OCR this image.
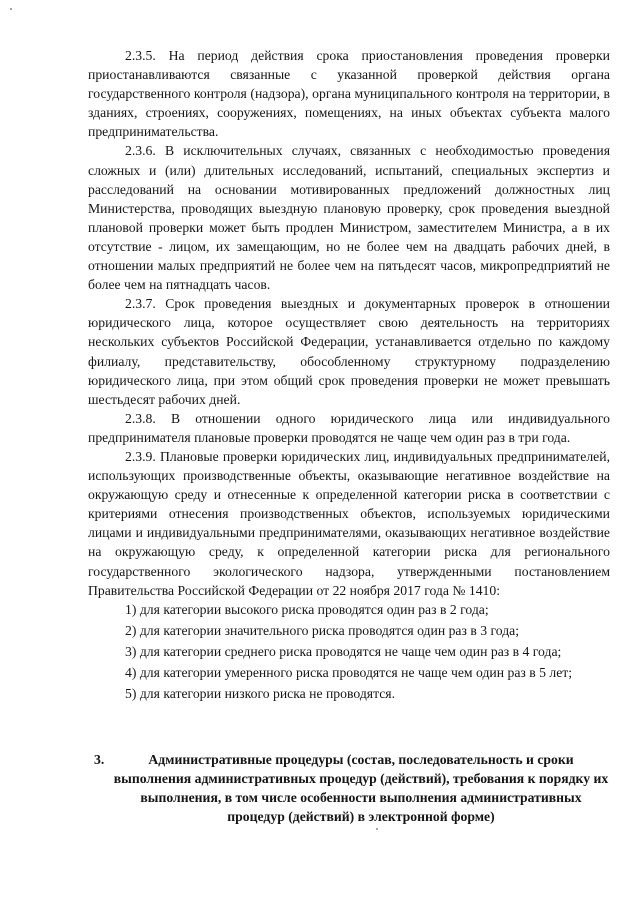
2.3.5. На период действия срока приостановления проведения проверки приостанавливаются связанные с указанной проверкой действия органа государственного контроля (надзора), органа муниципального контроля на территории, в зданиях, строениях, сооружениях, помещениях, на иных объектах субъекта малого предпринимательства.

2.3.6. В исключительных случаях, связанных с необходимостью проведения сложных и (или) длительных исследований, испытаний, специальных экспертиз и расследований на основании мотивированных предложений должностных лиц Министерства, проводящих выездную плановую проверку, срок проведения выездной плановой проверки может быть продлен Министром, заместителем Министра, а в их отсутствие - лицом, их замещающим, но не более чем на двадцать рабочих дней, в отношении малых предприятий не более чем на пятьдесят часов, микропредприятий не более чем на пятнадцать часов.

2.3.7. Срок проведения выездных и документарных проверок в отношении юридического лица, которое осуществляет свою деятельность на территориях нескольких субъектов Российской Федерации, устанавливается отдельно по каждому филиалу, представительству, обособленному структурному подразделению юридического лица, при этом общий срок проведения проверки не может превышать шестьдесят рабочих дней.

2.3.8. В отношении одного юридического лица или индивидуального предпринимателя плановые проверки проводятся не чаще чем один раз в три года.

2.3.9. Плановые проверки юридических лиц, индивидуальных предпринимателей, использующих производственные объекты, оказывающие негативное воздействие на окружающую среду и отнесенные к определенной категории риска в соответствии с критериями отнесения производственных объектов, используемых юридическими лицами и индивидуальными предпринимателями, оказывающих негативное воздействие на окружающую среду, к определенной категории риска для регионального государственного экологического надзора, утвержденными постановлением Правительства Российской Федерации от 22 ноября 2017 года № 1410:

1) для категории высокого риска проводятся один раз в 2 года;

2) для категории значительного риска проводятся один раз в 3 года;

3) для категории среднего риска проводятся не чаще чем один раз в 4 года;

4) для категории умеренного риска проводятся не чаще чем один раз в 5 лет;

5) для категории низкого риска не проводятся.

3.	Административные процедуры (состав, последовательность и сроки выполнения административных процедур (действий), требования к порядку их выполнения, в том числе особенности выполнения административных процедур (действий) в электронной форме)
